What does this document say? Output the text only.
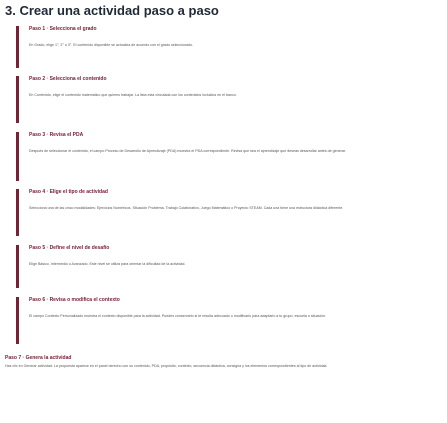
3. Crear una actividad paso a paso
Paso 1 · Selecciona el grado
En Grado, elige 1°, 2° o 3°. El contenido disponible se actualiza de acuerdo con el grado seleccionado.
Paso 2 · Selecciona el contenido
En Contenido, elige el contenido matemático que quieres trabajar. La lista está vinculada con los contenidos incluidos en el banco.
Paso 3 · Revisa el PDA
Después de seleccionar el contenido, el campo Proceso de Desarrollo de Aprendizaje (PDA) muestra el PDA correspondiente. Revisa que sea el aprendizaje que deseas desarrollar antes de generar.
Paso 4 · Elige el tipo de actividad
Selecciona una de las cinco modalidades: Ejercicios Numéricos, Situación Problema, Trabajo Colaborativo, Juego Matemático o Proyecto STEAM. Cada una tiene una estructura didáctica diferente.
Paso 5 · Define el nivel de desafío
Elige Básico, Intermedio o Avanzado. Este nivel se utiliza para orientar la dificultad de la actividad.
Paso 6 · Revisa o modifica el contexto
El campo Contexto Personalizado muestra el contexto disponible para la actividad. Puedes conservarlo si te resulta adecuado o modificarlo para adaptarlo a tu grupo, escuela o situación.
Paso 7 · Genera la actividad
Haz clic en Generar actividad. La propuesta aparece en el panel derecho con su contenido, PDA, propósito, contexto, secuencia didáctica, consigna y los elementos correspondientes al tipo de actividad.
